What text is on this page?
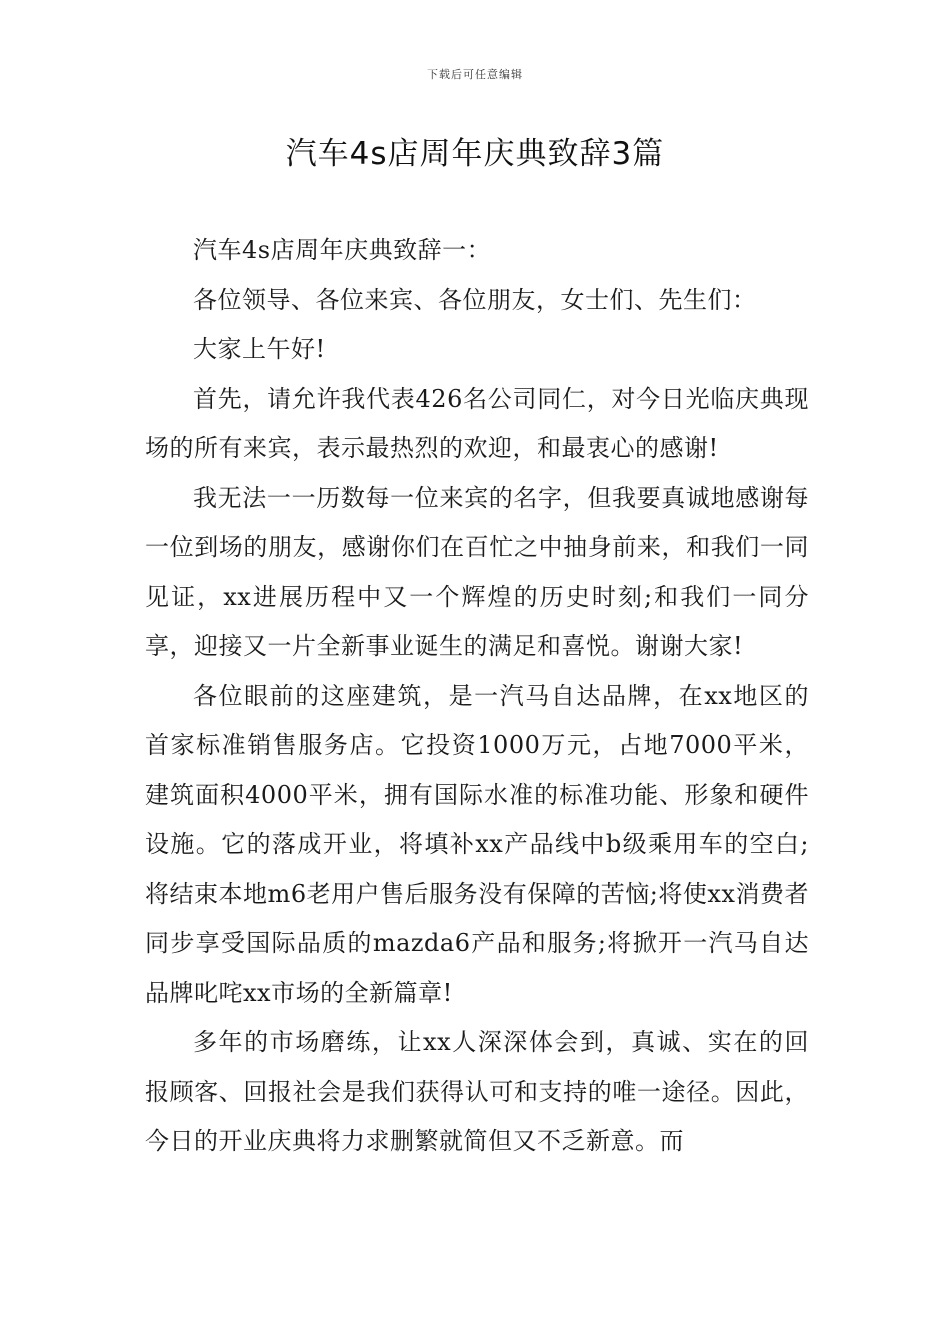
下载后可任意编辑
汽车4s店周年庆典致辞3篇

汽车4s店周年庆典致辞一：

各位领导、各位来宾、各位朋友，女士们、先生们：

大家上午好!

首先，请允许我代表426名公司同仁，对今日光临庆典现场的所有来宾，表示最热烈的欢迎，和最衷心的感谢!

我无法一一历数每一位来宾的名字，但我要真诚地感谢每一位到场的朋友，感谢你们在百忙之中抽身前来，和我们一同见证，xx进展历程中又一个辉煌的历史时刻;和我们一同分享，迎接又一片全新事业诞生的满足和喜悦。谢谢大家!

各位眼前的这座建筑，是一汽马自达品牌，在xx地区的首家标准销售服务店。它投资1000万元，占地7000平米，建筑面积4000平米，拥有国际水准的标准功能、形象和硬件设施。它的落成开业，将填补xx产品线中b级乘用车的空白;将结束本地m6老用户售后服务没有保障的苦恼;将使xx消费者同步享受国际品质的mazda6产品和服务;将掀开一汽马自达品牌叱咤xx市场的全新篇章!

多年的市场磨练，让xx人深深体会到，真诚、实在的回报顾客、回报社会是我们获得认可和支持的唯一途径。因此，今日的开业庆典将力求删繁就简但又不乏新意。而
